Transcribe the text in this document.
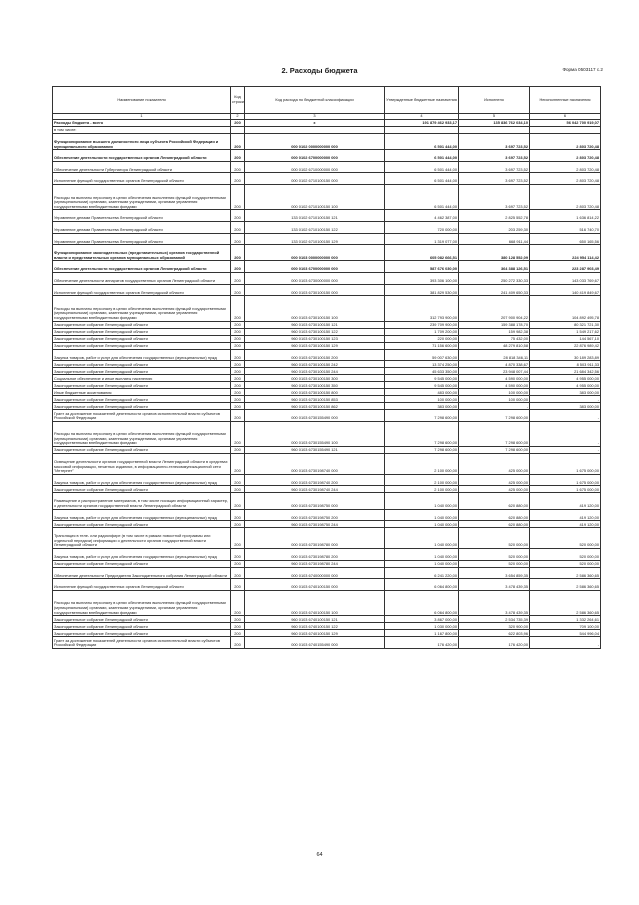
2. Расходы бюджета	Форма 0503117 с.2
Наименование показателя	Код строки	Код расхода по бюджетной классификации	Утвержденные бюджетные назначения	Исполнено	Неисполненные назначения
1	2	3	4	5	6
Расходы бюджета - всего	200	x	191 879 462 933,17	135 836 762 034,10	56 042 700 919,07
в том числе:					
Функционирование высшего должностного лица субъекта Российской Федерации и муниципального образования	200	000 0102 0000000000 000	6 501 444,00	3 697 723,52	2 803 720,48
Обеспечение деятельности государственных органов Ленинградской области	200	000 0102 6700000000 000	6 501 444,00	3 697 723,52	2 803 720,48
Обеспечение деятельности Губернатора Ленинградской области	200	000 0102 6710000000 000	6 501 444,00	3 697 723,52	2 803 720,48
Исполнение функций государственных органов Ленинградской области	200	000 0102 6710100150 000	6 501 444,00	3 697 723,52	2 803 720,48
Расходы на выплаты персоналу в целях обеспечения выполнения функций государственными (муниципальными) органами, казенными учреждениями, органами управления государственными внебюджетными фондами	200	000 0102 6710100150 100	6 501 444,00	3 697 723,52	2 803 720,48
Управление делами Правительства Ленинградской области	200	133 0102 6710100150 121	4 462 387,00	2 825 552,78	1 636 814,22
Управление делами Правительства Ленинградской области	200	133 0102 6710100150 122	720 000,00	203 259,30	516 740,70
Управление делами Правительства Ленинградской области	200	133 0102 6710100150 129	1 319 077,00	668 911,44	650 165,56
Функционирование законодательных (представительных) органов государственной власти и представительных органов муниципальных образований	200	000 0103 0000000000 000	605 082 666,51	380 128 552,09	224 954 114,42
Обеспечение деятельности государственных органов Ленинградской области	200	000 0103 6700000000 000	587 676 030,00	364 388 126,51	223 287 903,49
Обеспечение деятельности аппаратов государственных органов Ленинградской области	200	000 0103 6730000000 000	393 306 100,00	250 272 330,33	143 033 769,67
Исполнение функций государственных органов Ленинградской области	200	000 0103 6730100150 000	381 829 530,00	241 409 650,33	140 419 849,67
Расходы на выплаты персоналу в целях обеспечения выполнения функций государственными (муниципальными) органами, казенными учреждениями, органами управления государственными внебюджетными фондами	200	000 0103 6730100150 100	312 793 900,00	207 900 904,22	104 892 495,78
Законодательное собрание Ленинградской области	200	960 0103 6730100150 121	239 709 900,00	159 388 178,70	80 321 721,30
Законодательное собрание Ленинградской области	200	960 0103 6730100150 122	1 709 200,00	159 982,38	1 549 217,62
Законодательное собрание Ленинградской области	200	960 0103 6730100150 123	220 000,00	75 432,00	144 567,10
Законодательное собрание Ленинградской области	200	960 0103 6730100150 129	71 156 600,00	48 279 810,58	22 876 989,42
Закупка товаров, работ и услуг для обеспечения государственных (муниципальных) нужд	200	000 0103 6730100150 200	59 007 630,00	28 818 346,11	30 189 283,89
Законодательное собрание Ленинградской области	200	960 0103 6730100150 242	13 374 250,00	4 870 338,67	8 503 911,33
Законодательное собрание Ленинградской области	200	960 0103 6730100150 244	45 633 350,00	23 948 007,44	21 684 342,56
Социальное обеспечение и иные выплаты населению	200	000 0103 6730100150 300	9 545 000,00	4 590 000,00	4 955 000,00
Законодательное собрание Ленинградской области	200	960 0103 6730100150 350	9 545 000,00	4 590 000,00	4 955 000,00
Иные бюджетные ассигнования	200	000 0103 6730100150 800	483 000,00	100 000,00	383 000,00
Законодательное собрание Ленинградской области	200	960 0103 6730100150 853	100 000,00	100 000,00	-
Законодательное собрание Ленинградской области	200	960 0103 6730100150 862	383 000,00	-	383 000,00
Грант за достижение показателей деятельности органов исполнительной власти субъектов Российской Федерации	200	000 0103 6730155490 000	7 298 600,00	7 298 600,00	-
Расходы на выплаты персоналу в целях обеспечения выполнения функций государственными (муниципальными) органами, казенными учреждениями, органами управления государственными внебюджетными фондами	200	000 0103 6730155490 100	7 298 600,00	7 298 600,00	-
Законодательное собрание Ленинградской области	200	960 0103 6730155490 121	7 298 600,00	7 298 600,00	-
Освещение деятельности органов государственной власти Ленинградской области в средствах массовой информации, печатных изданиях, в информационно-телекоммуникационной сети "Интернет"	200	000 0103 6730198740 000	2 100 000,00	425 000,00	1 675 000,00
Закупка товаров, работ и услуг для обеспечения государственных (муниципальных) нужд	200	000 0103 6730198740 200	2 100 000,00	425 000,00	1 675 000,00
Законодательное собрание Ленинградской области	200	960 0103 6730198740 244	2 100 000,00	425 000,00	1 675 000,00
Размещение и распространение материалов, в том числе носящих информационный характер, о деятельности органов государственной власти Ленинградской области	200	000 0103 6730198750 000	1 040 000,00	620 880,00	419 120,00
Закупка товаров, работ и услуг для обеспечения государственных (муниципальных) нужд	200	000 0103 6730198750 200	1 040 000,00	620 880,00	419 120,00
Законодательное собрание Ленинградской области	200	960 0103 6730198750 244	1 040 000,00	620 880,00	419 120,00
Трансляция в теле- или радиоэфире (в том числе в рамках новостной программы или отдельной передачи) информации о деятельности органов государственной власти Ленинградской области	200	000 0103 6730198780 000	1 040 000,00	520 000,00	520 000,00
Закупка товаров, работ и услуг для обеспечения государственных (муниципальных) нужд	200	000 0103 6730198780 200	1 040 000,00	520 000,00	520 000,00
Законодательное собрание Ленинградской области	200	960 0103 6730198780 244	1 040 000,00	520 000,00	520 000,00
Обеспечение деятельности Председателя Законодательного собрания Ленинградской области	200	000 0103 6740000000 000	6 241 220,00	3 654 859,35	2 586 360,65
Исполнение функций государственных органов Ленинградской области	200	000 0103 6740100150 000	6 064 800,00	3 478 439,35	2 586 360,65
Расходы на выплаты персоналу в целях обеспечения выполнения функций государственными (муниципальными) органами, казенными учреждениями, органами управления государственными внебюджетными фондами	200	000 0103 6740100150 100	6 064 800,00	3 478 439,35	2 586 360,65
Законодательное собрание Ленинградской области	200	960 0103 6740100150 121	3 867 000,00	2 534 735,39	1 332 264,61
Законодательное собрание Ленинградской области	200	960 0103 6740100150 122	1 030 000,00	320 900,00	709 100,00
Законодательное собрание Ленинградской области	200	960 0103 6740100150 129	1 167 800,00	622 803,96	544 996,04
Грант за достижение показателей деятельности органов исполнительной власти субъектов Российской Федерации	200	000 0103 6740155490 000	176 420,00	176 420,00	-
64
